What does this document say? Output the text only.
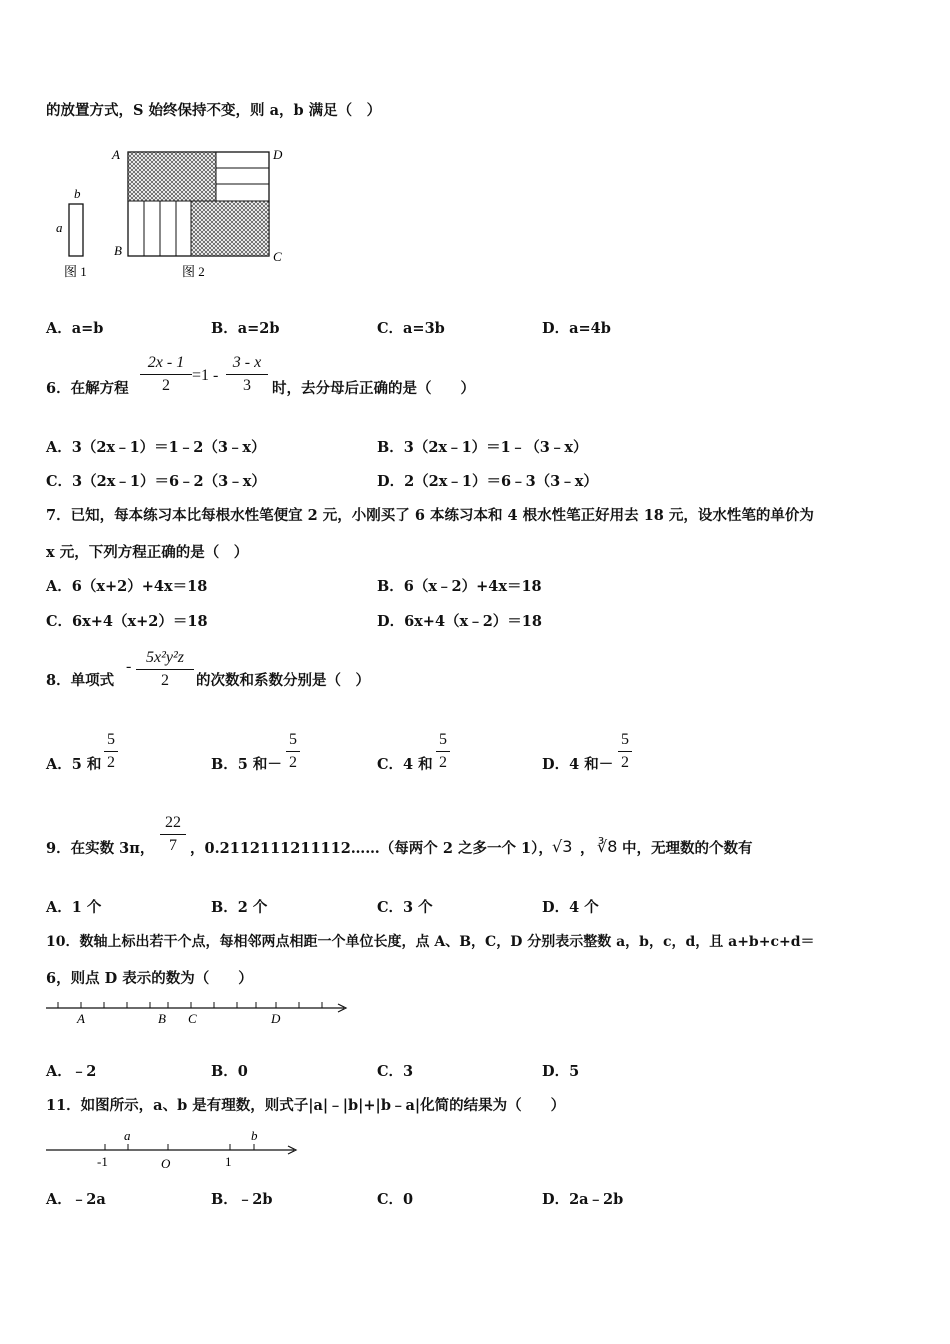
的放置方式，S 始终保持不变，则 a，b 满足（　）
b
a
A	D
B	C
图 1	图 2
A．a=b	B．a=2b	C．a=3b	D．a=4b
6．在解方程
2x - 1
2
=1 -
3 - x
3	时，去分母后正确的是（　　）
A．3（2x﹣1）＝1﹣2（3﹣x）	B．3（2x﹣1）＝1﹣（3﹣x）
C．3（2x﹣1）＝6﹣2（3﹣x）	D．2（2x﹣1）＝6﹣3（3﹣x）
7．已知，每本练习本比每根水性笔便宜 2 元，小刚买了 6 本练习本和 4 根水性笔正好用去 18 元，设水性笔的单价为
x 元，下列方程正确的是（　）
A．6（x+2）+4x＝18	B．6（x﹣2）+4x＝18
C．6x+4（x+2）＝18	D．6x+4（x﹣2）＝18
8．单项式
-
5x²y²z
2	的次数和系数分别是（　）
A．5 和
5
2	B．5 和－
5
2	C．4 和
5
2	D．4 和－
5
2
9．在实数 3π，
22
7 ，0.2112111211112……（每两个 2 之多一个 1）， √3 ， ∛8 中，无理数的个数有
A．1 个	B．2 个	C．3 个	D．4 个
10．数轴上标出若干个点，每相邻两点相距一个单位长度，点 A、B，C，D 分别表示整数 a，b，c，d，且 a+b+c+d＝
6，则点 D 表示的数为（　　）
A	B C	D
A．﹣2	B．0	C．3	D．5
11．如图所示，a、b 是有理数，则式子|a|﹣|b|+|b﹣a|化简的结果为（　　）
a	b
-1	O	1
A．﹣2a	B．﹣2b	C．0	D．2a﹣2b
